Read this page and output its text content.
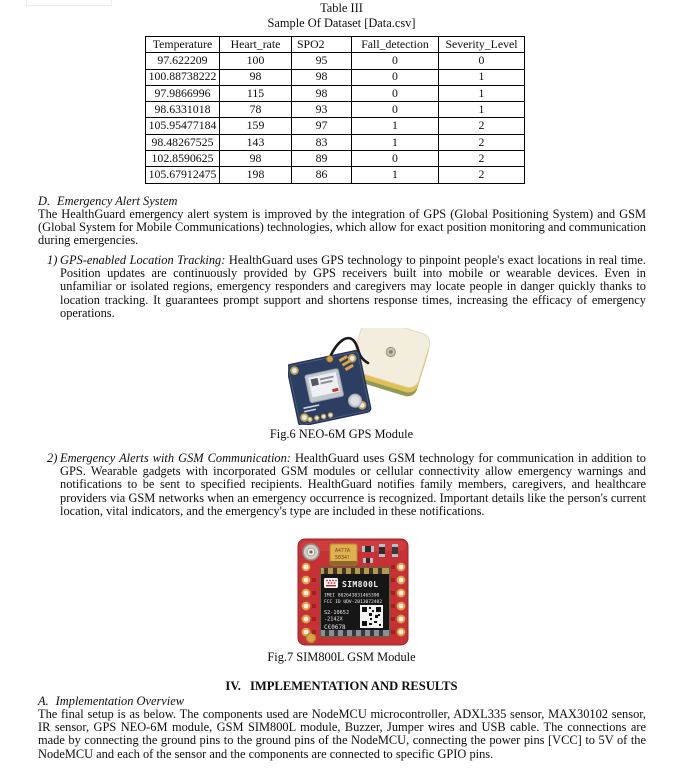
Table III
Sample Of Dataset [Data.csv]
Temperature	Heart_rate	SPO2	Fall_detection	Severity_Level
97.622209	100	95	0	0
100.88738222	98	98	0	1
97.9866996	115	98	0	1
98.6331018	78	93	0	1
105.95477184	159	97	1	2
98.48267525	143	83	1	2
102.8590625	98	89	0	2
105.67912475	198	86	1	2
D. Emergency Alert System
The HealthGuard emergency alert system is improved by the integration of GPS (Global Positioning System) and GSM (Global System for Mobile Communications) technologies, which allow for exact position monitoring and communication during emergencies.
1) GPS-enabled Location Tracking: HealthGuard uses GPS technology to pinpoint people's exact locations in real time. Position updates are continuously provided by GPS receivers built into mobile or wearable devices. Even in unfamiliar or isolated regions, emergency responders and caregivers may locate people in danger quickly thanks to location tracking. It guarantees prompt support and shortens response times, increasing the efficacy of emergency operations.
Fig.6 NEO-6M GPS Module
2) Emergency Alerts with GSM Communication: HealthGuard uses GSM technology for communication in addition to GPS. Wearable gadgets with incorporated GSM modules or cellular connectivity allow emergency warnings and notifications to be sent to specified recipients. HealthGuard notifies family members, caregivers, and healthcare providers via GSM networks when an emergency occurrence is recognized. Important details like the person's current location, vital indicators, and the emergency's type are included in these notifications.
A477A
5034!
SIM800L
IMEI 862643831465390
FCC ID UDV-2013072402
S2-1065J
-2142X
C€0678
Fig.7 SIM800L GSM Module
IV. IMPLEMENTATION AND RESULTS
A. Implementation Overview
The final setup is as below. The components used are NodeMCU microcontroller, ADXL335 sensor, MAX30102 sensor, IR sensor, GPS NEO-6M module, GSM SIM800L module, Buzzer, Jumper wires and USB cable. The connections are made by connecting the ground pins to the ground pins of the NodeMCU, connecting the power pins [VCC] to 5V of the NodeMCU and each of the sensor and the components are connected to specific GPIO pins.
